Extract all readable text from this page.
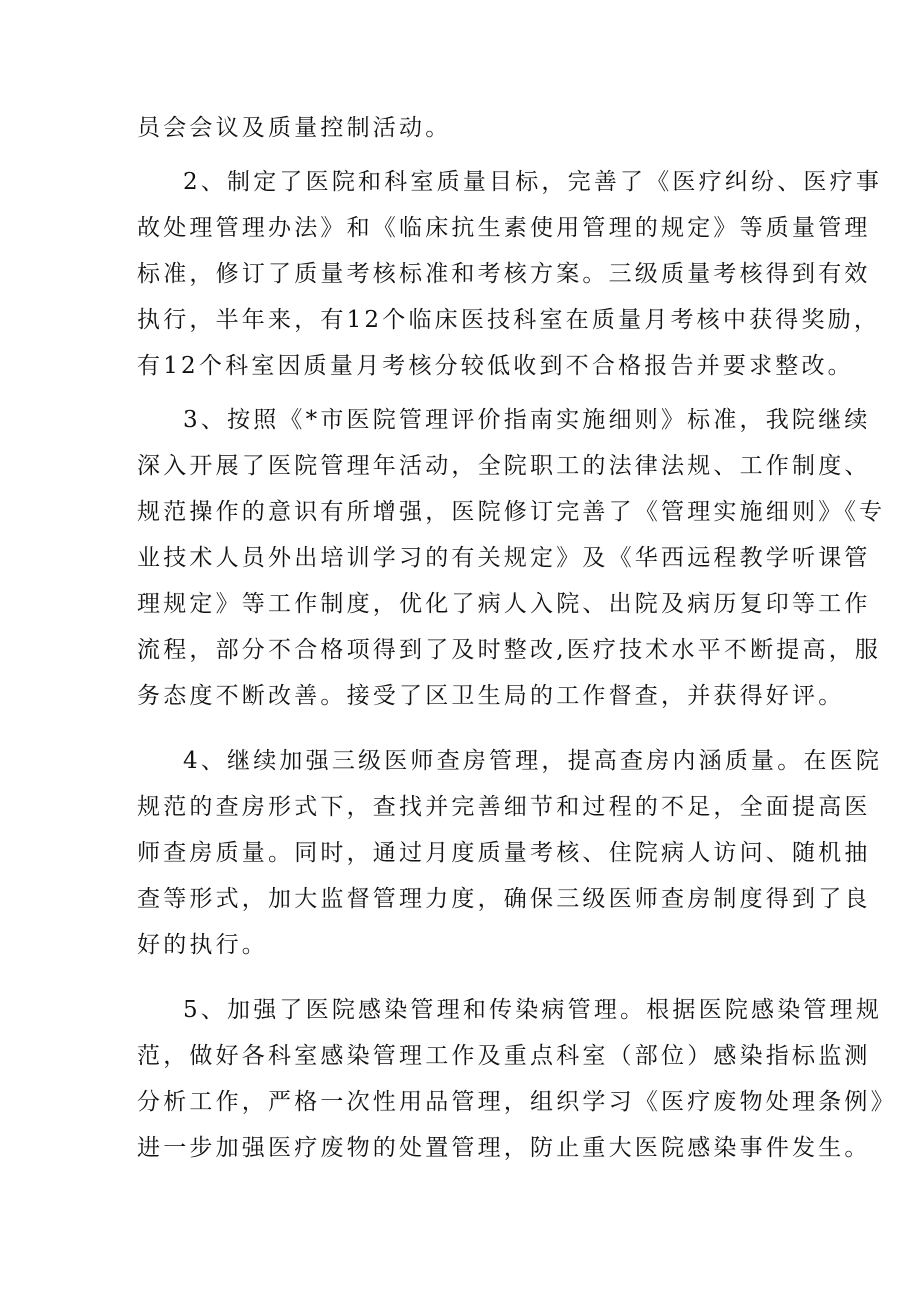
员会会议及质量控制活动。
2、制定了医院和科室质量目标，完善了《医疗纠纷、医疗事
故处理管理办法》和《临床抗生素使用管理的规定》等质量管理
标准，修订了质量考核标准和考核方案。三级质量考核得到有效
执行，半年来，有12个临床医技科室在质量月考核中获得奖励，
有12个科室因质量月考核分较低收到不合格报告并要求整改。
3、按照《*市医院管理评价指南实施细则》标准，我院继续
深入开展了医院管理年活动，全院职工的法律法规、工作制度、
规范操作的意识有所增强，医院修订完善了《管理实施细则》《专
业技术人员外出培训学习的有关规定》及《华西远程教学听课管
理规定》等工作制度，优化了病人入院、出院及病历复印等工作
流程，部分不合格项得到了及时整改,医疗技术水平不断提高，服
务态度不断改善。接受了区卫生局的工作督查，并获得好评。
4、继续加强三级医师查房管理，提高查房内涵质量。在医院
规范的查房形式下，查找并完善细节和过程的不足，全面提高医
师查房质量。同时，通过月度质量考核、住院病人访问、随机抽
查等形式，加大监督管理力度，确保三级医师查房制度得到了良
好的执行。
5、加强了医院感染管理和传染病管理。根据医院感染管理规
范，做好各科室感染管理工作及重点科室（部位）感染指标监测
分析工作，严格一次性用品管理，组织学习《医疗废物处理条例》
进一步加强医疗废物的处置管理，防止重大医院感染事件发生。
